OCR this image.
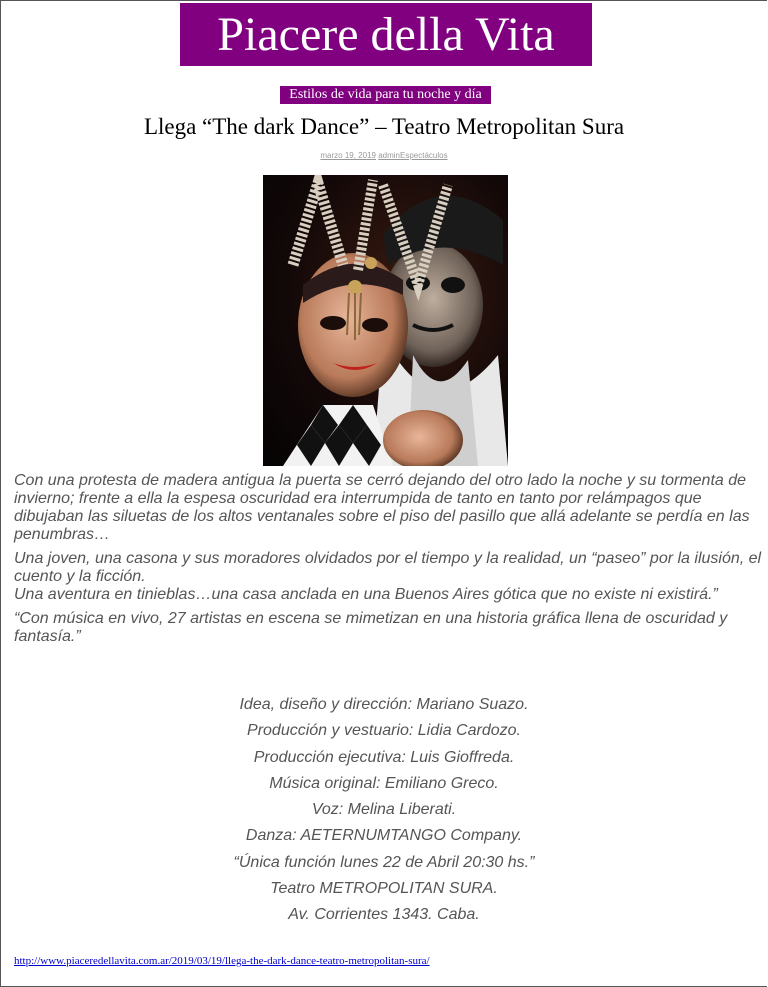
Piacere della Vita
Estilos de vida para tu noche y día
Llega “The dark Dance” – Teatro Metropolitan Sura
marzo 19, 2019 adminEspectáculos

Con una protesta de madera antigua la puerta se cerró dejando del otro lado la noche y su tormenta de invierno; frente a ella la espesa oscuridad era interrumpida de tanto en tanto por relámpagos que dibujaban las siluetas de los altos ventanales sobre el piso del pasillo que allá adelante se perdía en las penumbras…

Una joven, una casona y sus moradores olvidados por el tiempo y la realidad, un “paseo” por la ilusión, el cuento y la ficción.

Una aventura en tinieblas…una casa anclada en una Buenos Aires gótica que no existe ni existirá.”

“Con música en vivo, 27 artistas en escena se mimetizan en una historia gráfica llena de oscuridad y fantasía.”

Idea, diseño y dirección: Mariano Suazo.
Producción y vestuario: Lidia Cardozo.
Producción ejecutiva: Luis Gioffreda.
Música original: Emiliano Greco.
Voz: Melina Liberati.
Danza: AETERNUMTANGO Company.
“Única función lunes 22 de Abril 20:30 hs.”
Teatro METROPOLITAN SURA.
Av. Corrientes 1343. Caba.
http://www.piaceredellavita.com.ar/2019/03/19/llega-the-dark-dance-teatro-metropolitan-sura/
